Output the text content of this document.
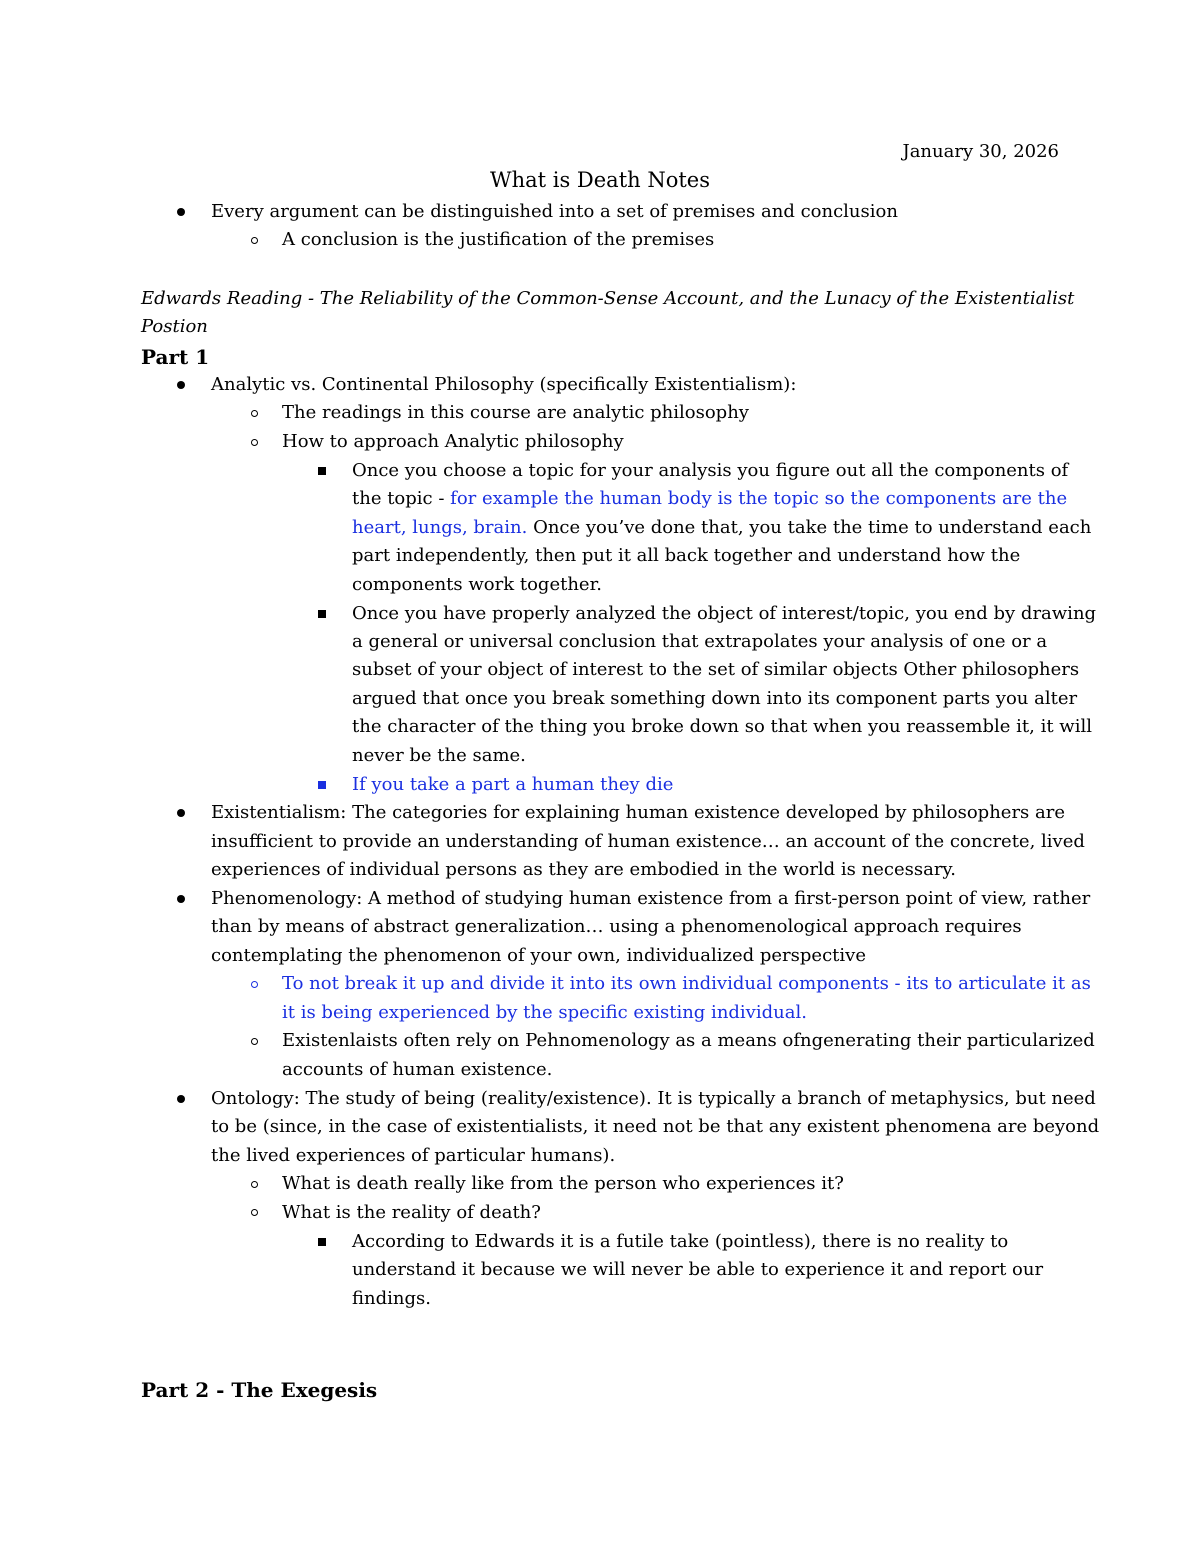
January 30, 2026
What is Death Notes
Every argument can be distinguished into a set of premises and conclusion
A conclusion is the justification of the premises
Edwards Reading - The Reliability of the Common-Sense Account, and the Lunacy of the Existentialist
Postion
Part 1
Analytic vs. Continental Philosophy (specifically Existentialism):
The readings in this course are analytic philosophy
How to approach Analytic philosophy
Once you choose a topic for your analysis you figure out all the components of
the topic - for example the human body is the topic so the components are the
heart, lungs, brain. Once you’ve done that, you take the time to understand each
part independently, then put it all back together and understand how the
components work together.
Once you have properly analyzed the object of interest/topic, you end by drawing
a general or universal conclusion that extrapolates your analysis of one or a
subset of your object of interest to the set of similar objects Other philosophers
argued that once you break something down into its component parts you alter
the character of the thing you broke down so that when you reassemble it, it will
never be the same.
If you take a part a human they die
Existentialism: The categories for explaining human existence developed by philosophers are
insufficient to provide an understanding of human existence… an account of the concrete, lived
experiences of individual persons as they are embodied in the world is necessary.
Phenomenology: A method of studying human existence from a first-person point of view, rather
than by means of abstract generalization… using a phenomenological approach requires
contemplating the phenomenon of your own, individualized perspective
To not break it up and divide it into its own individual components - its to articulate it as
it is being experienced by the specific existing individual.
Existenlaists often rely on Pehnomenology as a means ofngenerating their particularized
accounts of human existence.
Ontology: The study of being (reality/existence). It is typically a branch of metaphysics, but need
to be (since, in the case of existentialists, it need not be that any existent phenomena are beyond
the lived experiences of particular humans).
What is death really like from the person who experiences it?
What is the reality of death?
According to Edwards it is a futile take (pointless), there is no reality to
understand it because we will never be able to experience it and report our
findings.
Part 2 - The Exegesis
